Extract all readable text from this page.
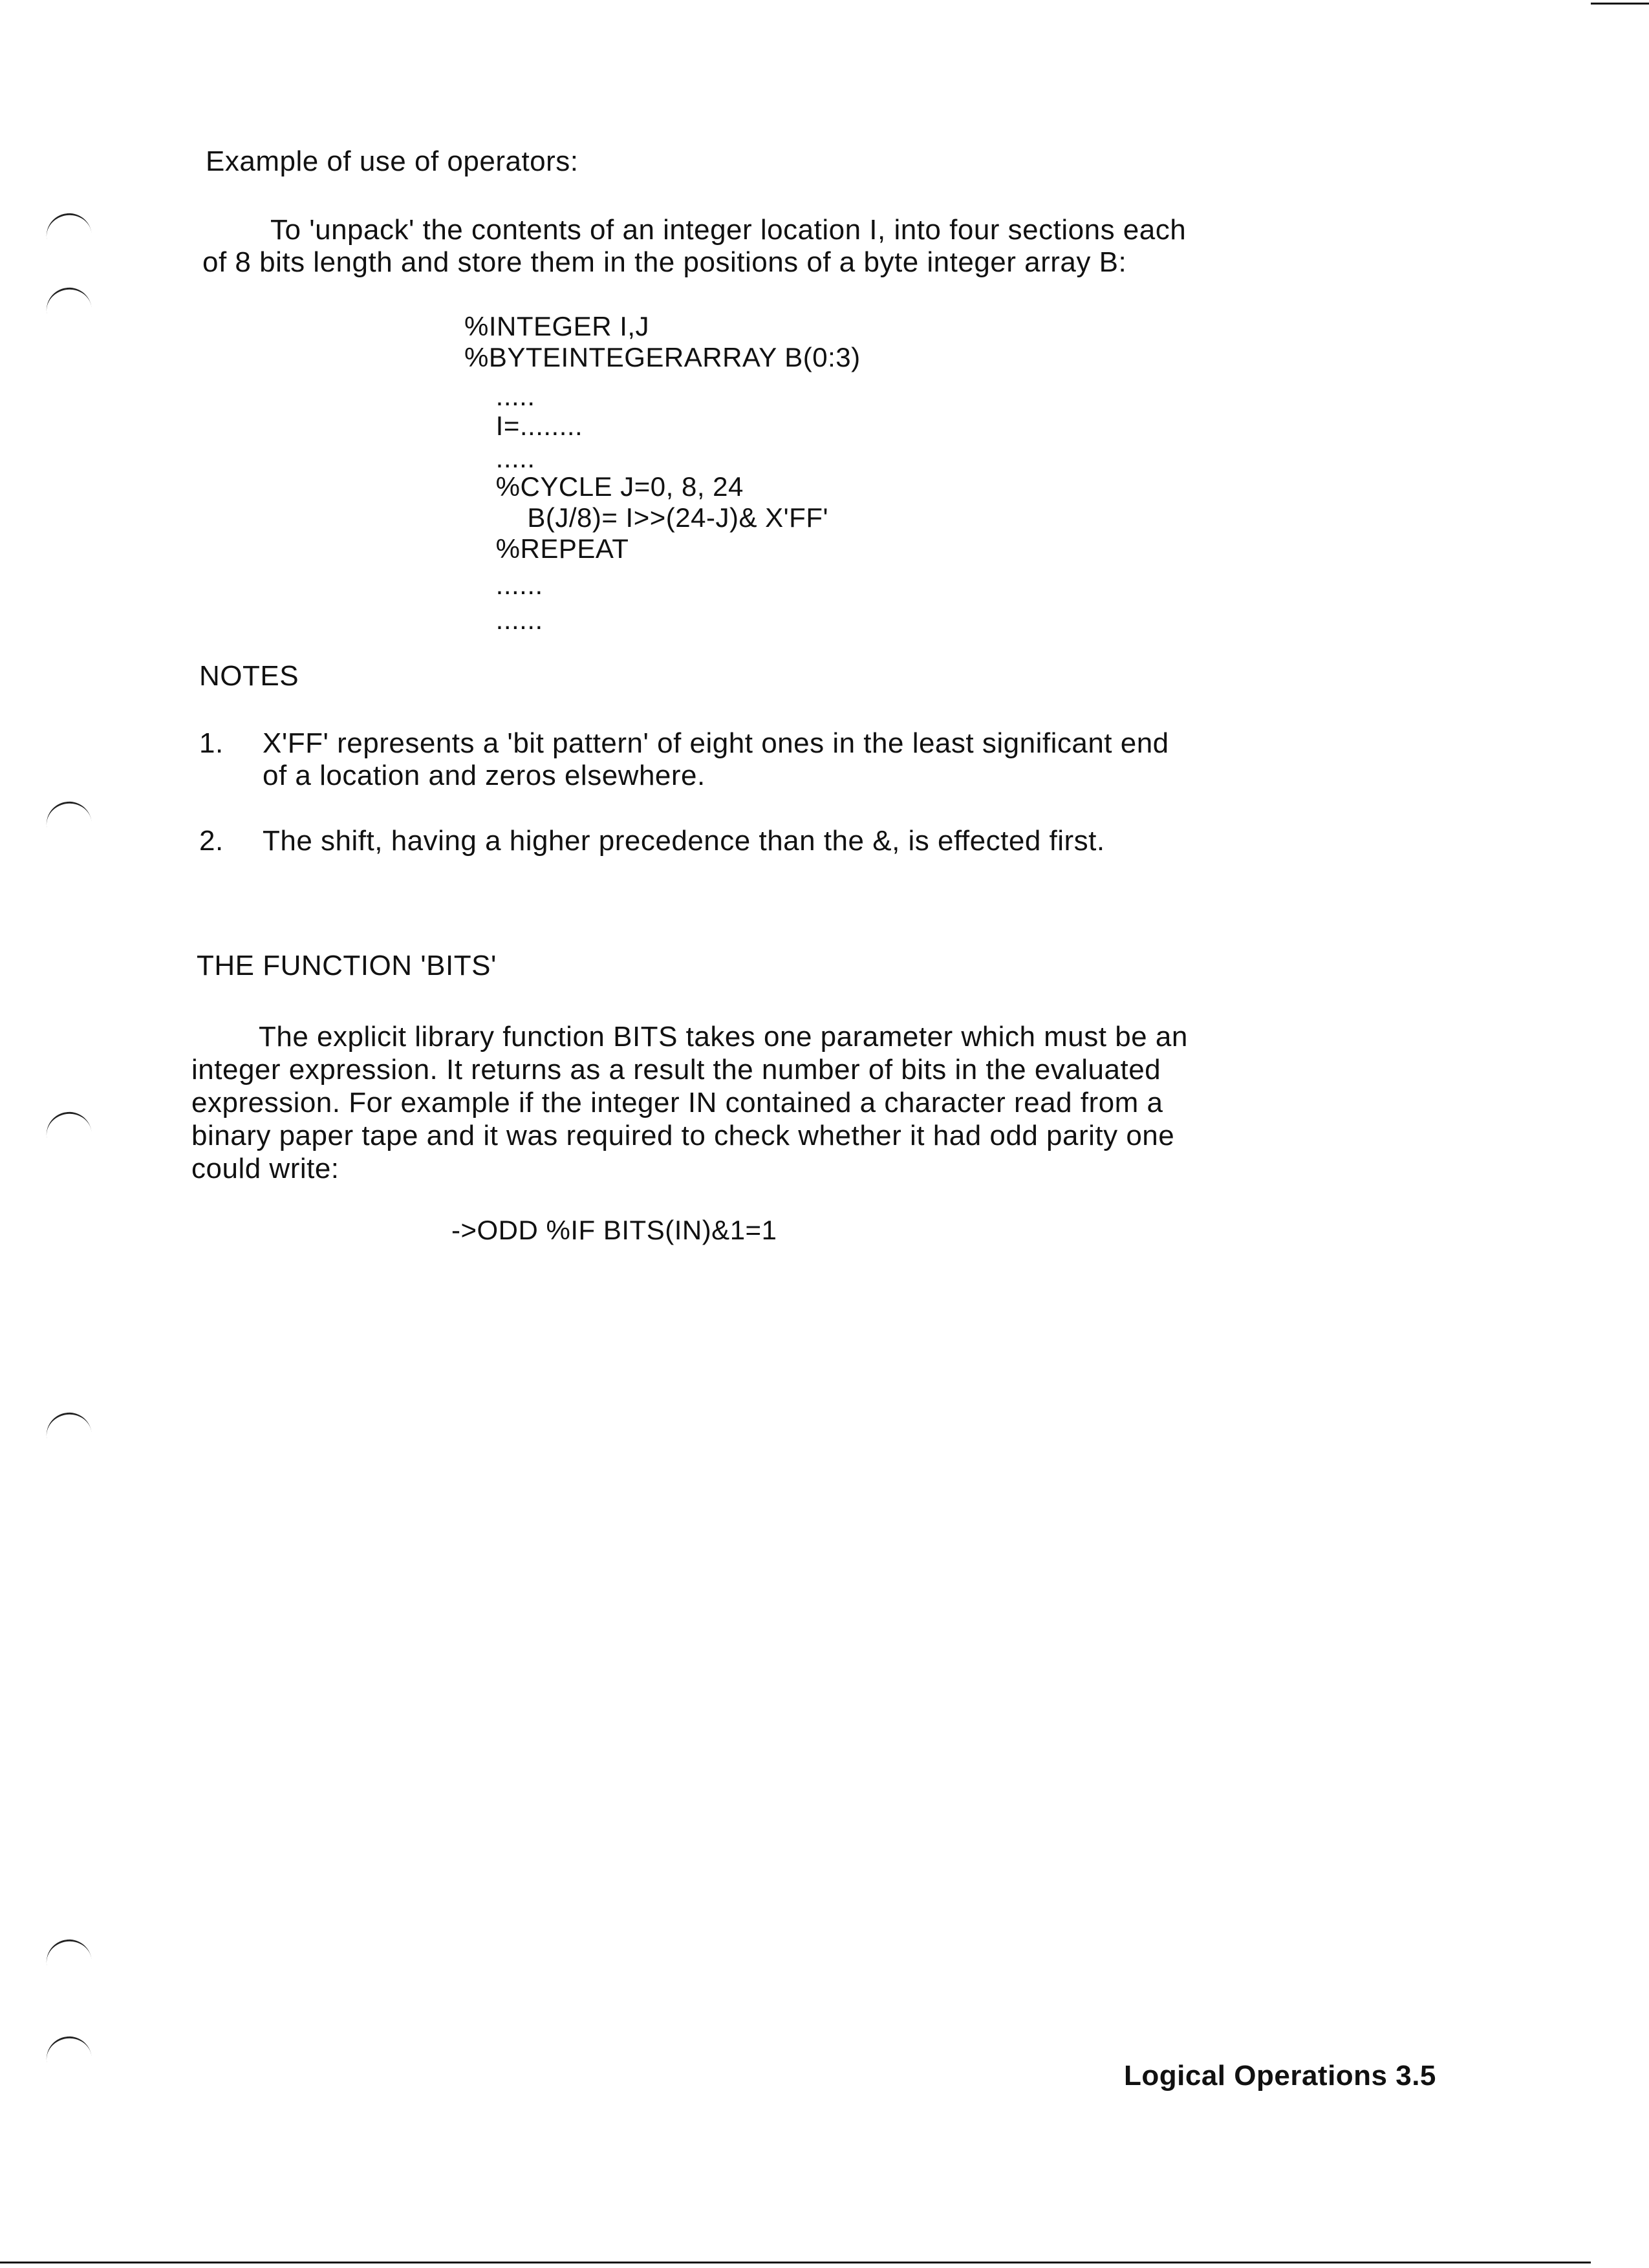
Example of use of operators:
To 'unpack' the contents of an integer location I, into four sections each
of 8 bits length and store them in the positions of a byte integer array B:
%INTEGER I,J
%BYTEINTEGERARRAY B(0:3)
.....
I=........
.....
%CYCLE J=0, 8, 24
B(J/8)= I>>(24-J)& X'FF'
%REPEAT
......
......
NOTES
1. X'FF' represents a 'bit pattern' of eight ones in the least significant end
of a location and zeros elsewhere.
2. The shift, having a higher precedence than the &, is effected first.
THE FUNCTION 'BITS'
The explicit library function BITS takes one parameter which must be an
integer expression. It returns as a result the number of bits in the evaluated
expression. For example if the integer IN contained a character read from a
binary paper tape and it was required to check whether it had odd parity one
could write:
->ODD %IF BITS(IN)&1=1
Logical Operations 3.5
